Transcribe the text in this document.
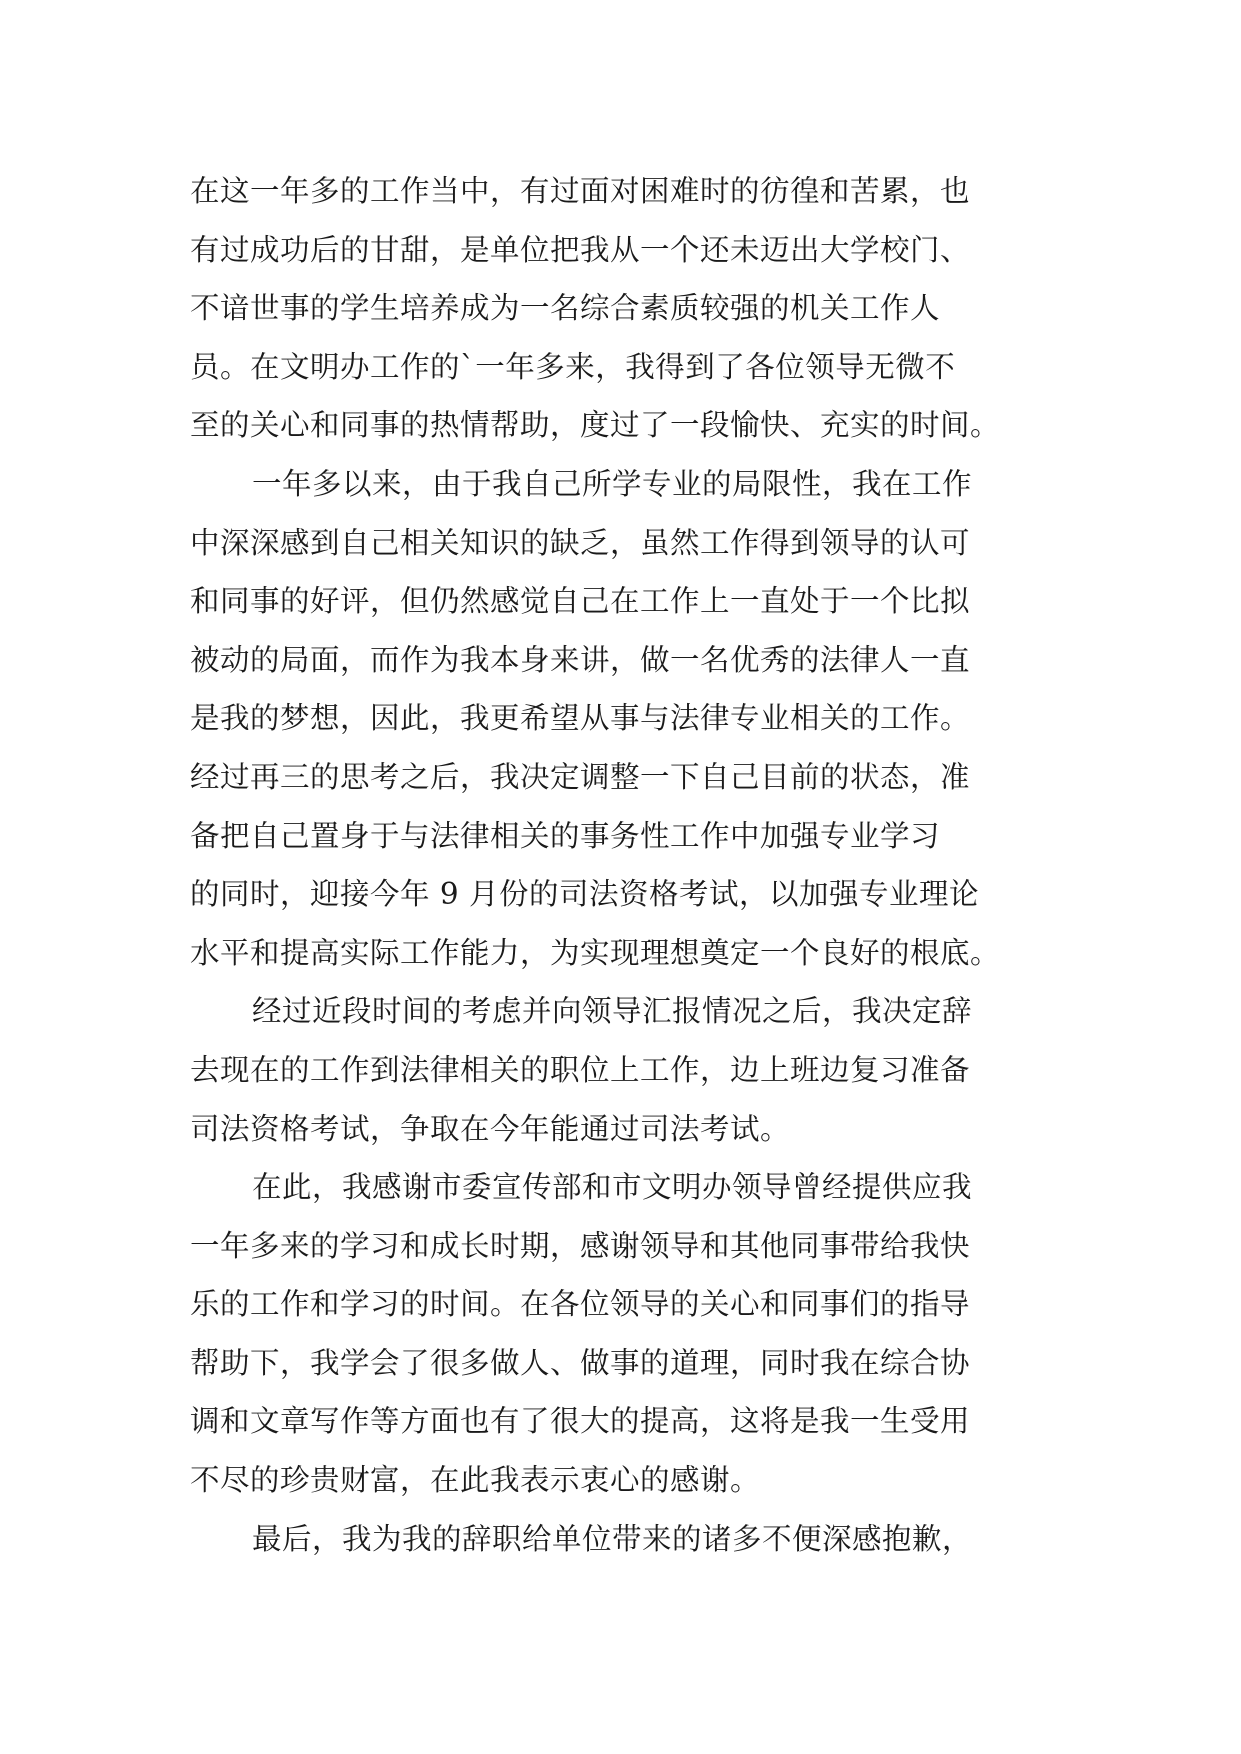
在这一年多的工作当中，有过面对困难时的彷徨和苦累，也
有过成功后的甘甜，是单位把我从一个还未迈出大学校门、
不谙世事的学生培养成为一名综合素质较强的机关工作人
员。在文明办工作的`一年多来，我得到了各位领导无微不
至的关心和同事的热情帮助，度过了一段愉快、充实的时间。
一年多以来，由于我自己所学专业的局限性，我在工作
中深深感到自己相关知识的缺乏，虽然工作得到领导的认可
和同事的好评，但仍然感觉自己在工作上一直处于一个比拟
被动的局面，而作为我本身来讲，做一名优秀的法律人一直
是我的梦想，因此，我更希望从事与法律专业相关的工作。
经过再三的思考之后，我决定调整一下自己目前的状态，准
备把自己置身于与法律相关的事务性工作中加强专业学习
的同时，迎接今年 9 月份的司法资格考试，以加强专业理论
水平和提高实际工作能力，为实现理想奠定一个良好的根底。
经过近段时间的考虑并向领导汇报情况之后，我决定辞
去现在的工作到法律相关的职位上工作，边上班边复习准备
司法资格考试，争取在今年能通过司法考试。
在此，我感谢市委宣传部和市文明办领导曾经提供应我
一年多来的学习和成长时期，感谢领导和其他同事带给我快
乐的工作和学习的时间。在各位领导的关心和同事们的指导
帮助下，我学会了很多做人、做事的道理，同时我在综合协
调和文章写作等方面也有了很大的提高，这将是我一生受用
不尽的珍贵财富，在此我表示衷心的感谢。
最后，我为我的辞职给单位带来的诸多不便深感抱歉，
